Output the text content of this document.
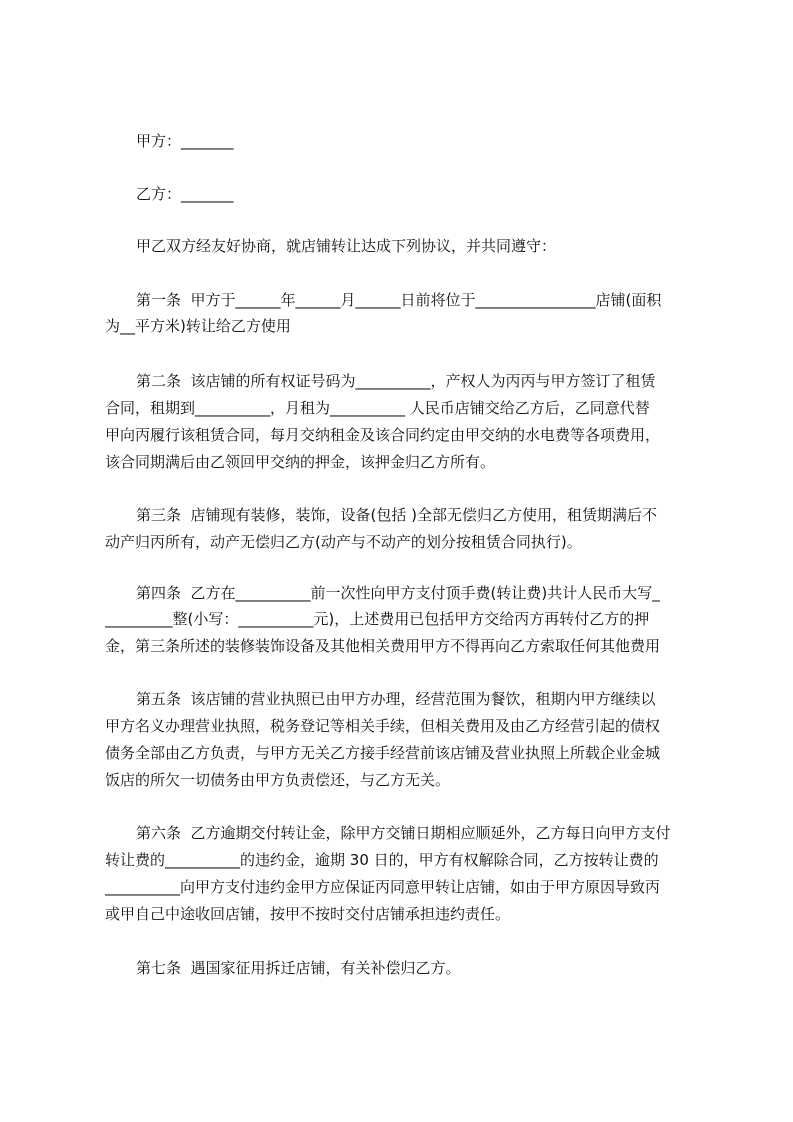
甲方：_______
乙方：_______
甲乙双方经友好协商，就店铺转让达成下列协议，并共同遵守：
第一条  甲方于______年______月______日前将位于________________店铺(面积
为__平方米)转让给乙方使用
第二条  该店铺的所有权证号码为__________，产权人为丙丙与甲方签订了租赁
合同，租期到__________，月租为__________ 人民币店铺交给乙方后，乙同意代替
甲向丙履行该租赁合同，每月交纳租金及该合同约定由甲交纳的水电费等各项费用，
该合同期满后由乙领回甲交纳的押金，该押金归乙方所有。
第三条  店铺现有装修，装饰，设备(包括 )全部无偿归乙方使用，租赁期满后不
动产归丙所有，动产无偿归乙方(动产与不动产的划分按租赁合同执行)。
第四条  乙方在__________前一次性向甲方支付顶手费(转让费)共计人民币大写_
_________整(小写：__________元)，上述费用已包括甲方交给丙方再转付乙方的押
金，第三条所述的装修装饰设备及其他相关费用甲方不得再向乙方索取任何其他费用
第五条  该店铺的营业执照已由甲方办理，经营范围为餐饮，租期内甲方继续以
甲方名义办理营业执照，税务登记等相关手续，但相关费用及由乙方经营引起的债权
债务全部由乙方负责，与甲方无关乙方接手经营前该店铺及营业执照上所载企业金城
饭店的所欠一切债务由甲方负责偿还，与乙方无关。
第六条  乙方逾期交付转让金，除甲方交铺日期相应顺延外，乙方每日向甲方支付
转让费的__________的违约金，逾期 30 日的，甲方有权解除合同，乙方按转让费的
__________向甲方支付违约金甲方应保证丙同意甲转让店铺，如由于甲方原因导致丙
或甲自己中途收回店铺，按甲不按时交付店铺承担违约责任。
第七条  遇国家征用拆迁店铺，有关补偿归乙方。
